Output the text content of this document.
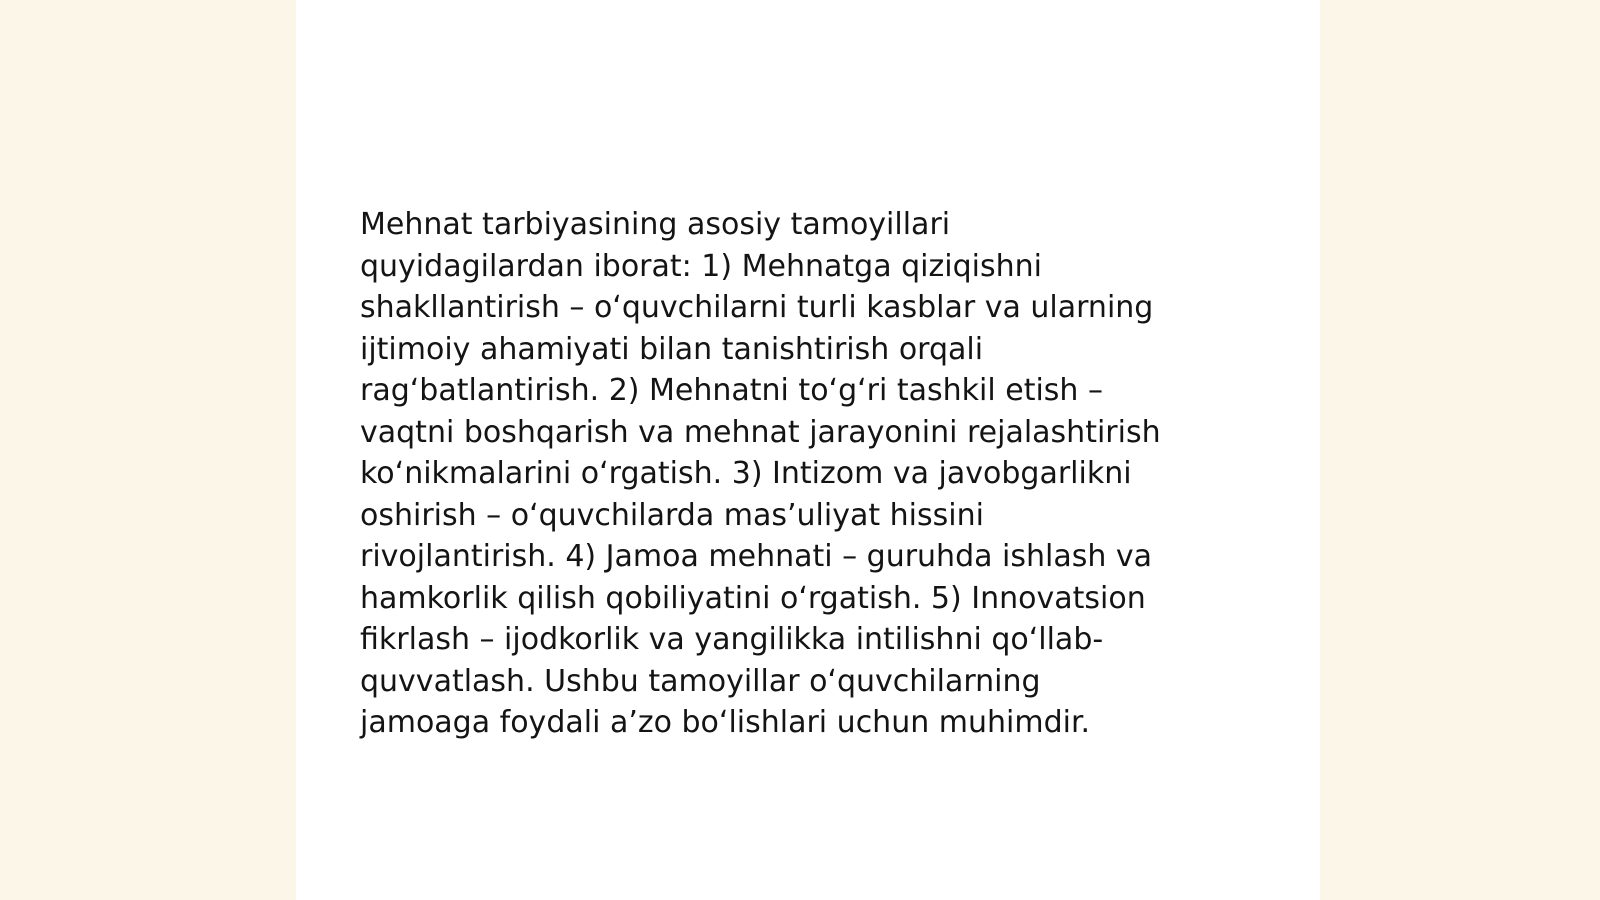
Mehnat tarbiyasining asosiy tamoyillari
quyidagilardan iborat: 1) Mehnatga qiziqishni
shakllantirish – o‘quvchilarni turli kasblar va ularning
ijtimoiy ahamiyati bilan tanishtirish orqali
rag‘batlantirish. 2) Mehnatni to‘g‘ri tashkil etish –
vaqtni boshqarish va mehnat jarayonini rejalashtirish
ko‘nikmalarini o‘rgatish. 3) Intizom va javobgarlikni
oshirish – o‘quvchilarda mas’uliyat hissini
rivojlantirish. 4) Jamoa mehnati – guruhda ishlash va
hamkorlik qilish qobiliyatini o‘rgatish. 5) Innovatsion
fikrlash – ijodkorlik va yangilikka intilishni qo‘llab-
quvvatlash. Ushbu tamoyillar o‘quvchilarning
jamoaga foydali a’zo bo‘lishlari uchun muhimdir.
